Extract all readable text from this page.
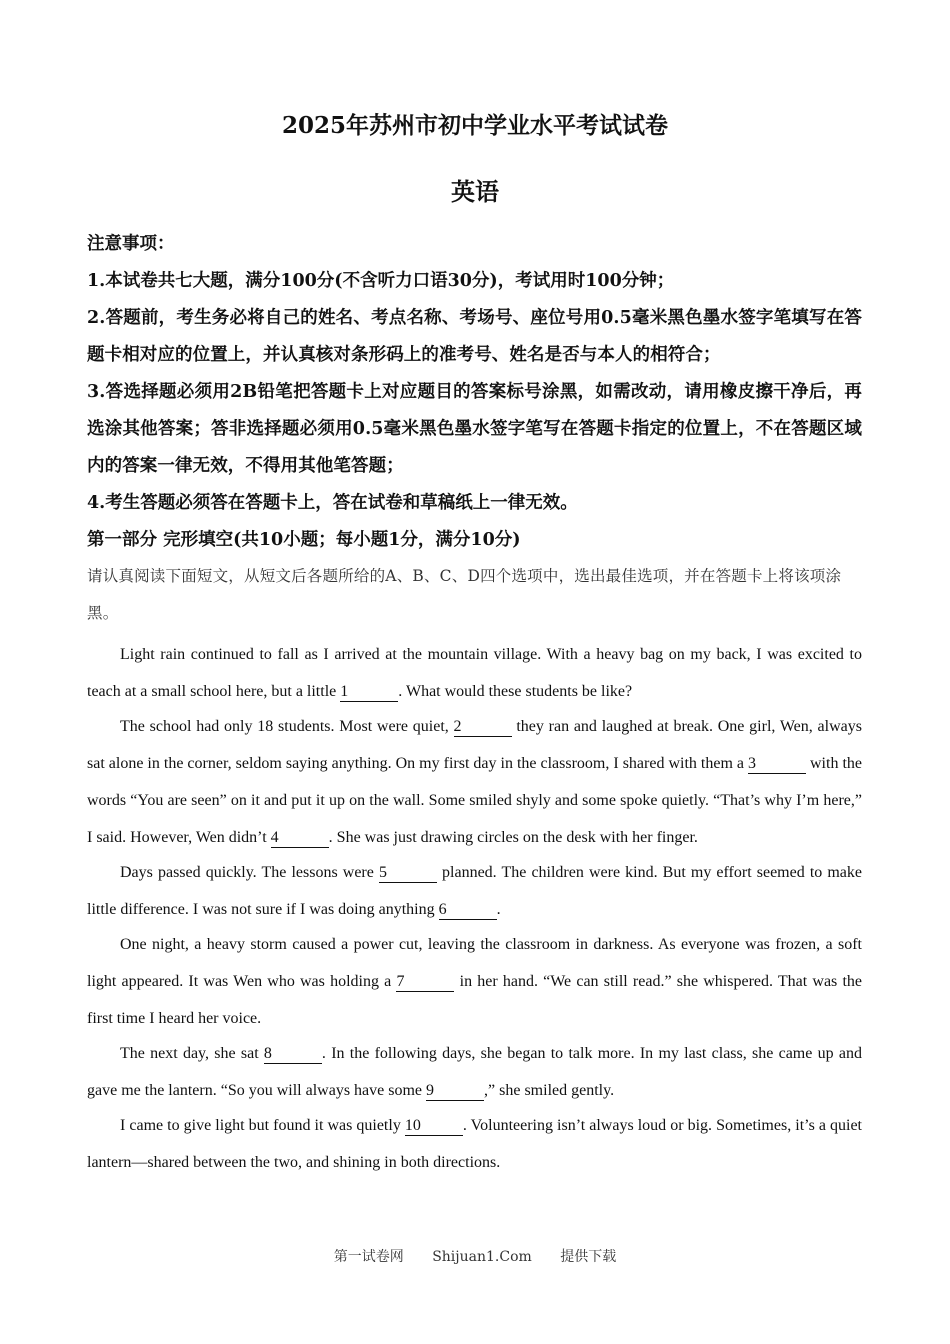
2025年苏州市初中学业水平考试试卷
英语

注意事项：

1.本试卷共七大题，满分100分(不含听力口语30分)，考试用时100分钟；

2.答题前，考生务必将自己的姓名、考点名称、考场号、座位号用0.5毫米黑色墨水签字笔填写在答题卡相对应的位置上，并认真核对条形码上的准考号、姓名是否与本人的相符合；

3.答选择题必须用2B铅笔把答题卡上对应题目的答案标号涂黑，如需改动，请用橡皮擦干净后，再选涂其他答案；答非选择题必须用0.5毫米黑色墨水签字笔写在答题卡指定的位置上，不在答题区域内的答案一律无效，不得用其他笔答题；

4.考生答题必须答在答题卡上，答在试卷和草稿纸上一律无效。

第一部分 完形填空(共10小题；每小题1分，满分10分)

请认真阅读下面短文，从短文后各题所给的A、B、C、D四个选项中，选出最佳选项，并在答题卡上将该项涂黑。

Light rain continued to fall as I arrived at the mountain village. With a heavy bag on my back, I was excited to teach at a small school here, but a little 1	. What would these students be like?

The school had only 18 students. Most were quiet, 2	they ran and laughed at break. One girl, Wen, always sat alone in the corner, seldom saying anything. On my first day in the classroom, I shared with them a 3	with the words “You are seen” on it and put it up on the wall. Some smiled shyly and some spoke quietly. “That’s why I’m here,” I said. However, Wen didn’t 4	. She was just drawing circles on the desk with her finger.

Days passed quickly. The lessons were 5	planned. The children were kind. But my effort seemed to make little difference. I was not sure if I was doing anything 6	.

One night, a heavy storm caused a power cut, leaving the classroom in darkness. As everyone was frozen, a soft light appeared. It was Wen who was holding a 7	in her hand. “We can still read.” she whispered. That was the first time I heard her voice.

The next day, she sat 8	. In the following days, she began to talk more. In my last class, she came up and gave me the lantern. “So you will always have some 9	,” she smiled gently.

I came to give light but found it was quietly 10	. Volunteering isn’t always loud or big. Sometimes, it’s a quiet lantern—shared between the two, and shining in both directions.

第一试卷网 Shijuan1.Com 提供下载
